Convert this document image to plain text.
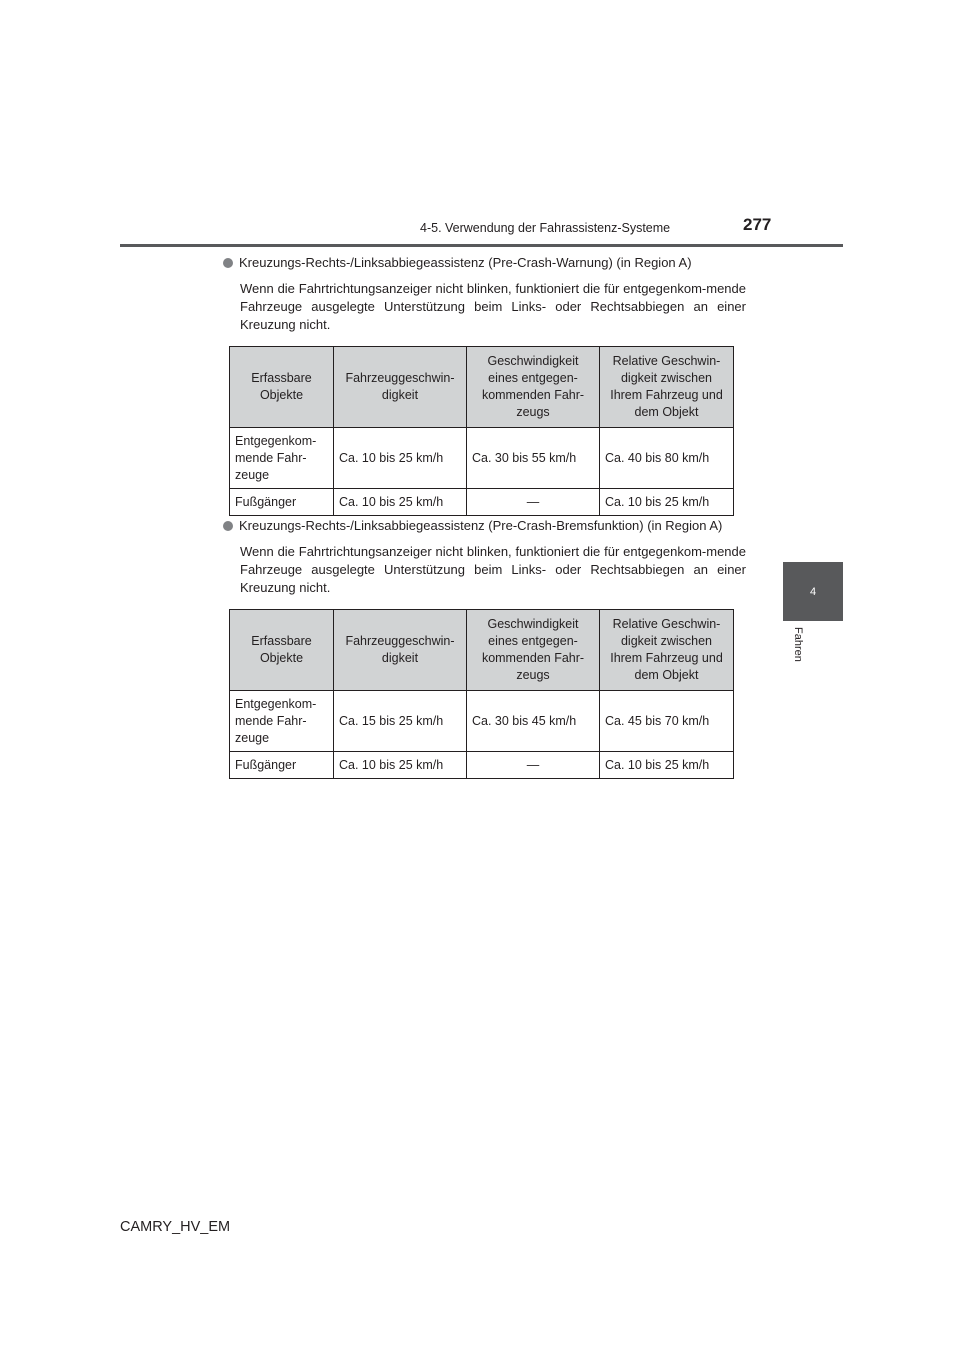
4-5. Verwendung der Fahrassistenz-Systeme	277
4
Fahren
Kreuzungs-Rechts-/Linksabbiegeassistenz (Pre-Crash-Warnung) (in Region A)
Wenn die Fahrtrichtungsanzeiger nicht blinken, funktioniert die für entgegenkom-mende Fahrzeuge ausgelegte Unterstützung beim Links- oder Rechtsabbiegen an einer Kreuzung nicht.
Erfassbare Objekte	Fahrzeuggeschwin-digkeit	Geschwindigkeit eines entgegen-kommenden Fahr-zeugs	Relative Geschwin-digkeit zwischen Ihrem Fahrzeug und dem Objekt
Entgegenkom-mende Fahr-zeuge	Ca. 10 bis 25 km/h	Ca. 30 bis 55 km/h	Ca. 40 bis 80 km/h
Fußgänger	Ca. 10 bis 25 km/h	—	Ca. 10 bis 25 km/h
Kreuzungs-Rechts-/Linksabbiegeassistenz (Pre-Crash-Bremsfunktion) (in Region A)
Wenn die Fahrtrichtungsanzeiger nicht blinken, funktioniert die für entgegenkom-mende Fahrzeuge ausgelegte Unterstützung beim Links- oder Rechtsabbiegen an einer Kreuzung nicht.
Erfassbare Objekte	Fahrzeuggeschwin-digkeit	Geschwindigkeit eines entgegen-kommenden Fahr-zeugs	Relative Geschwin-digkeit zwischen Ihrem Fahrzeug und dem Objekt
Entgegenkom-mende Fahr-zeuge	Ca. 15 bis 25 km/h	Ca. 30 bis 45 km/h	Ca. 45 bis 70 km/h
Fußgänger	Ca. 10 bis 25 km/h	—	Ca. 10 bis 25 km/h
CAMRY_HV_EM
